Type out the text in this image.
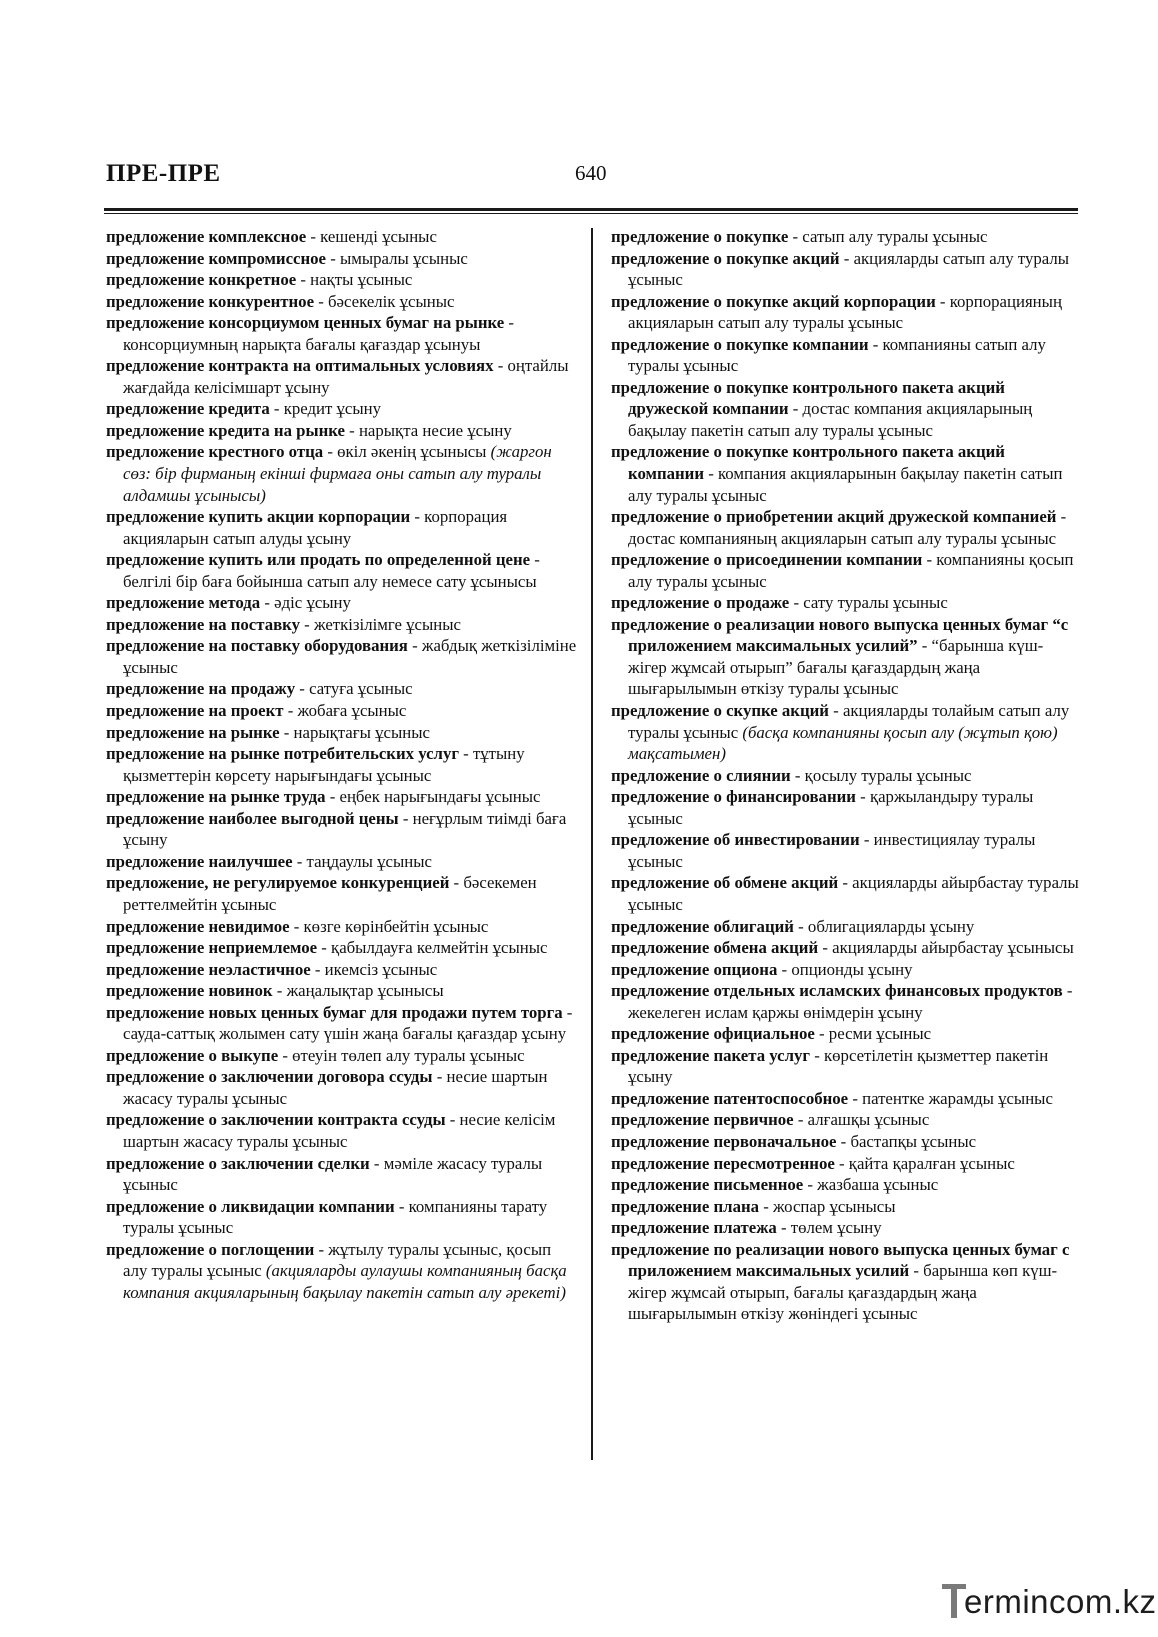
ПРЕ-ПРЕ	640
предложение комплексное - кешенді ұсыныс
предложение компромиссное - ымыралы ұсыныс
предложение конкретное - нақты ұсыныс
предложение конкурентное - бәсекелік ұсыныс
предложение консорциумом ценных бумаг на рынке - консорциумның нарықта бағалы қағаздар ұсынуы
предложение контракта на оптимальных условиях - оңтайлы жағдайда келісімшарт ұсыну
предложение кредита - кредит ұсыну
предложение кредита на рынке - нарықта несие ұсыну
предложение крестного отца - өкіл әкенің ұсынысы (жаргон сөз: бір фирманың екінші фирмаға оны сатып алу туралы алдамшы ұсынысы)
предложение купить акции корпорации - корпорация акцияларын сатып алуды ұсыну
предложение купить или продать по определенной цене - белгілі бір баға бойынша сатып алу немесе сату ұсынысы
предложение метода - әдіс ұсыну
предложение на поставку - жеткізілімге ұсыныс
предложение на поставку оборудования - жабдық жеткізіліміне ұсыныс
предложение на продажу - сатуға ұсыныс
предложение на проект - жобаға ұсыныс
предложение на рынке - нарықтағы ұсыныс
предложение на рынке потребительских услуг - тұтыну қызметтерін көрсету нарығындағы ұсыныс
предложение на рынке труда - еңбек нарығындағы ұсыныс
предложение наиболее выгодной цены - неғұрлым тиімді баға ұсыну
предложение наилучшее - таңдаулы ұсыныс
предложение, не регулируемое конкуренцией - бәсекемен реттелмейтін ұсыныс
предложение невидимое - көзге көрінбейтін ұсыныс
предложение неприемлемое - қабылдауға келмейтін ұсыныс
предложение неэластичное - икемсіз ұсыныс
предложение новинок - жаңалықтар ұсынысы
предложение новых ценных бумаг для продажи путем торга - сауда-саттық жолымен сату үшін жаңа бағалы қағаздар ұсыну
предложение о выкупе - өтеуін төлеп алу туралы ұсыныс
предложение о заключении договора ссуды - несие шартын жасасу туралы ұсыныс
предложение о заключении контракта ссуды - несие келісім шартын жасасу туралы ұсыныс
предложение о заключении сделки - мәміле жасасу туралы ұсыныс
предложение о ликвидации компании - компанияны тарату туралы ұсыныс
предложение о поглощении - жұтылу туралы ұсыныс, қосып алу туралы ұсыныс (акцияларды аулаушы компанияның басқа компания акцияларының бақылау пакетін сатып алу әрекеті)
предложение о покупке - сатып алу туралы ұсыныс
предложение о покупке акций - акцияларды сатып алу туралы ұсыныс
предложение о покупке акций корпорации - корпорацияның акцияларын сатып алу туралы ұсыныс
предложение о покупке компании - компанияны сатып алу туралы ұсыныс
предложение о покупке контрольного пакета акций дружеской компании - достас компания акцияларының бақылау пакетін сатып алу туралы ұсыныс
предложение о покупке контрольного пакета акций компании - компания акцияларынын бақылау пакетін сатып алу туралы ұсыныс
предложение о приобретении акций дружеской компанией - достас компанияның акцияларын сатып алу туралы ұсыныс
предложение о присоединении компании - компанияны қосып алу туралы ұсыныс
предложение о продаже - сату туралы ұсыныс
предложение о реализации нового выпуска ценных бумаг “с приложением максимальных усилий” - “барынша күш-жігер жұмсай отырып” бағалы қағаздардың жаңа шығарылымын өткізу туралы ұсыныс
предложение о скупке акций - акцияларды толайым сатып алу туралы ұсыныс (басқа компанияны қосып алу (жұтып қою) мақсатымен)
предложение о слиянии - қосылу туралы ұсыныс
предложение о финансировании - қаржыландыру туралы ұсыныс
предложение об инвестировании - инвестициялау туралы ұсыныс
предложение об обмене акций - акцияларды айырбастау туралы ұсыныс
предложение облигаций - облигацияларды ұсыну
предложение обмена акций - акцияларды айырбастау ұсынысы
предложение опциона - опционды ұсыну
предложение отдельных исламских финансовых продуктов - жекелеген ислам қаржы өнімдерін ұсыну
предложение официальное - ресми ұсыныс
предложение пакета услуг - көрсетілетін қызметтер пакетін ұсыну
предложение патентоспособное - патентке жарамды ұсыныс
предложение первичное - алғашқы ұсыныс
предложение первоначальное - бастапқы ұсыныс
предложение пересмотренное - қайта қаралған ұсыныс
предложение письменное - жазбаша ұсыныс
предложение плана - жоспар ұсынысы
предложение платежа - төлем ұсыну
предложение по реализации нового выпуска ценных бумаг с приложением максимальных усилий - барынша көп күш-жігер жұмсай отырып, бағалы қағаздардың жаңа шығарылымын өткізу жөніндегі ұсыныс
ermincom.kz
